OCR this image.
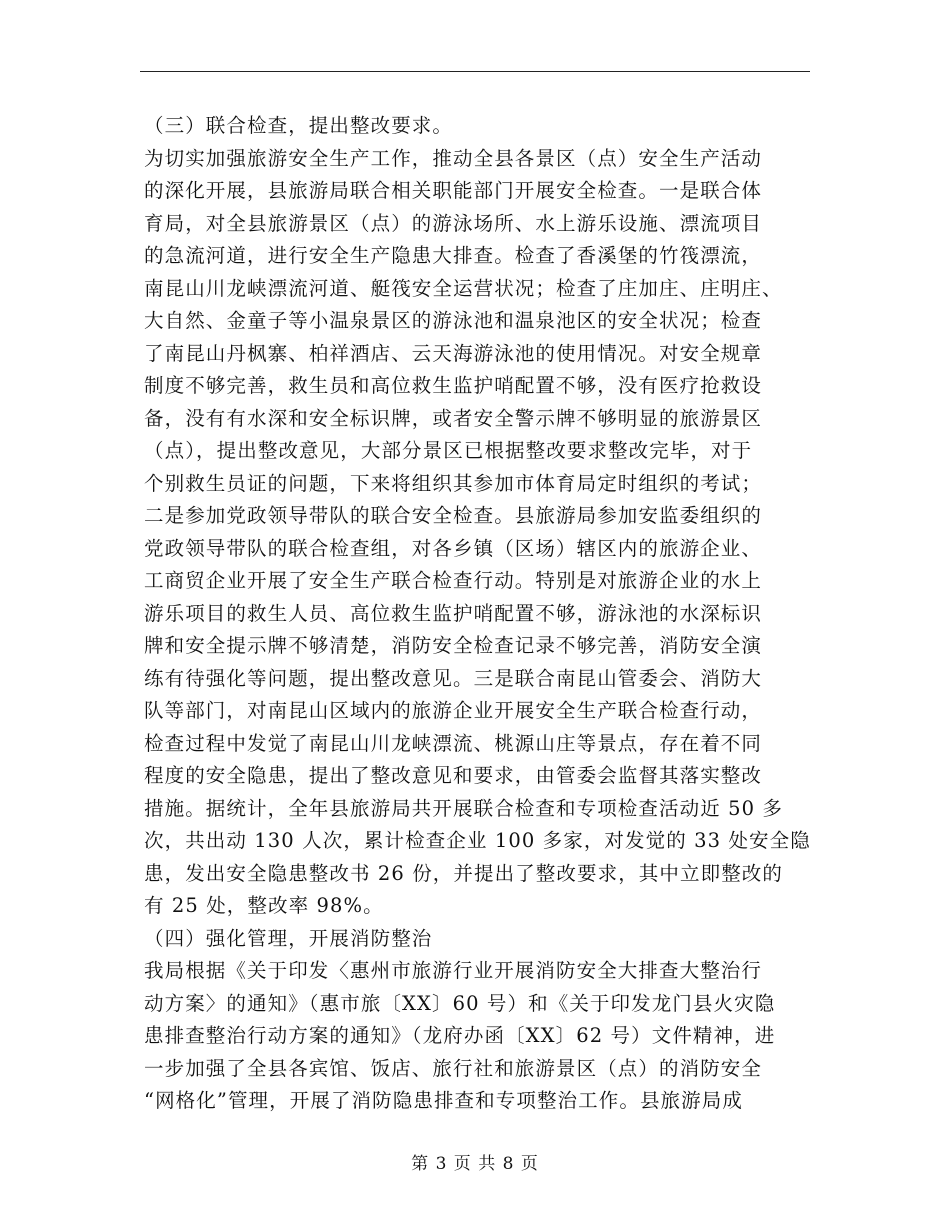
（三）联合检查，提出整改要求。
为切实加强旅游安全生产工作，推动全县各景区（点）安全生产活动
的深化开展，县旅游局联合相关职能部门开展安全检查。一是联合体
育局，对全县旅游景区（点）的游泳场所、水上游乐设施、漂流项目
的急流河道，进行安全生产隐患大排查。检查了香溪堡的竹筏漂流，
南昆山川龙峡漂流河道、艇筏安全运营状况；检查了庄加庄、庄明庄、
大自然、金童子等小温泉景区的游泳池和温泉池区的安全状况；检查
了南昆山丹枫寨、柏祥酒店、云天海游泳池的使用情况。对安全规章
制度不够完善，救生员和高位救生监护哨配置不够，没有医疗抢救设
备，没有有水深和安全标识牌，或者安全警示牌不够明显的旅游景区
（点），提出整改意见，大部分景区已根据整改要求整改完毕，对于
个别救生员证的问题，下来将组织其参加市体育局定时组织的考试；
二是参加党政领导带队的联合安全检查。县旅游局参加安监委组织的
党政领导带队的联合检查组，对各乡镇（区场）辖区内的旅游企业、
工商贸企业开展了安全生产联合检查行动。特别是对旅游企业的水上
游乐项目的救生人员、高位救生监护哨配置不够，游泳池的水深标识
牌和安全提示牌不够清楚，消防安全检查记录不够完善，消防安全演
练有待强化等问题，提出整改意见。三是联合南昆山管委会、消防大
队等部门，对南昆山区域内的旅游企业开展安全生产联合检查行动，
检查过程中发觉了南昆山川龙峡漂流、桃源山庄等景点，存在着不同
程度的安全隐患，提出了整改意见和要求，由管委会监督其落实整改
措施。据统计，全年县旅游局共开展联合检查和专项检查活动近 50 多
次，共出动 130 人次，累计检查企业 100 多家，对发觉的 33 处安全隐
患，发出安全隐患整改书 26 份，并提出了整改要求，其中立即整改的
有 25 处，整改率 98%。
（四）强化管理，开展消防整治
我局根据《关于印发〈惠州市旅游行业开展消防安全大排查大整治行
动方案〉的通知》（惠市旅〔XX〕60 号）和《关于印发龙门县火灾隐
患排查整治行动方案的通知》（龙府办函〔XX〕62 号）文件精神，进
一步加强了全县各宾馆、饭店、旅行社和旅游景区（点）的消防安全
“网格化”管理，开展了消防隐患排查和专项整治工作。县旅游局成
第 3 页 共 8 页
